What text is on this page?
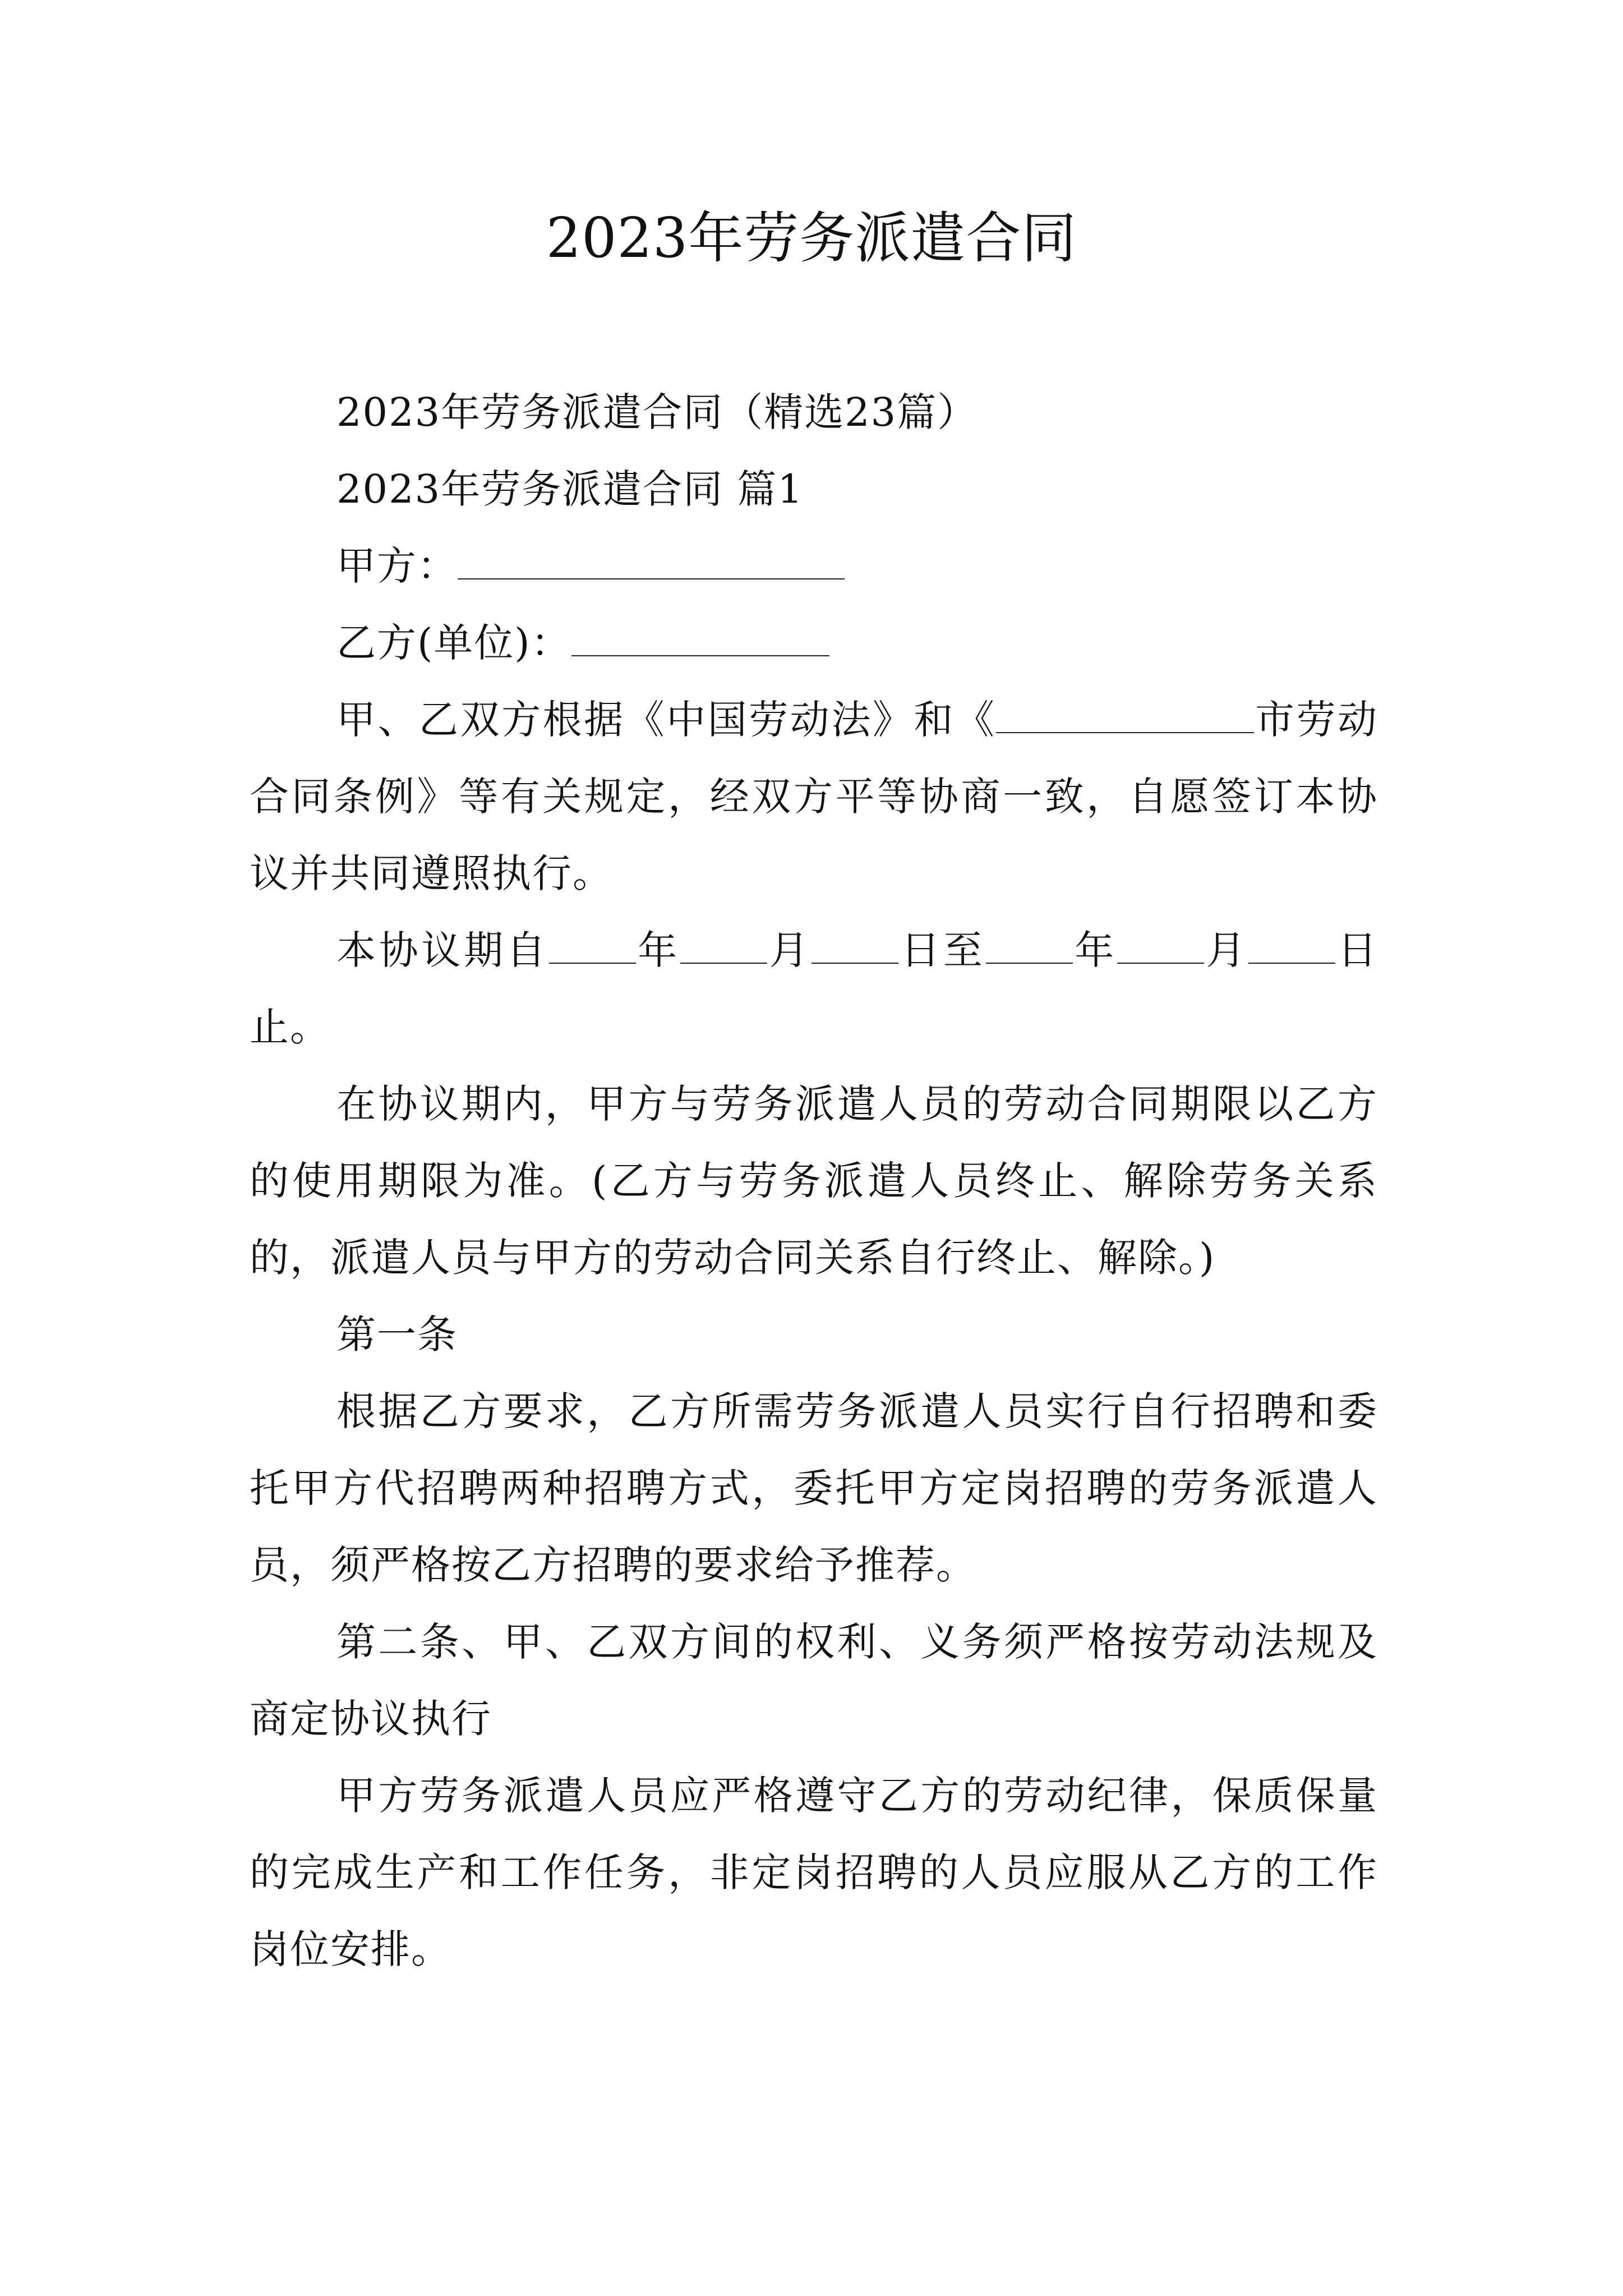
2023年劳务派遣合同

2023年劳务派遣合同（精选23篇）

2023年劳务派遣合同 篇1

甲方：

乙方(单位)：

甲、乙双方根据《中国劳动法》和《	市劳动合同条例》等有关规定，经双方平等协商一致，自愿签订本协议并共同遵照执行。

本协议期自 年 月 日至 年 月 日止。

在协议期内，甲方与劳务派遣人员的劳动合同期限以乙方的使用期限为准。(乙方与劳务派遣人员终止、解除劳务关系的，派遣人员与甲方的劳动合同关系自行终止、解除。)

第一条

根据乙方要求，乙方所需劳务派遣人员实行自行招聘和委托甲方代招聘两种招聘方式，委托甲方定岗招聘的劳务派遣人员，须严格按乙方招聘的要求给予推荐。

第二条、甲、乙双方间的权利、义务须严格按劳动法规及商定协议执行

甲方劳务派遣人员应严格遵守乙方的劳动纪律，保质保量的完成生产和工作任务，非定岗招聘的人员应服从乙方的工作岗位安排。
